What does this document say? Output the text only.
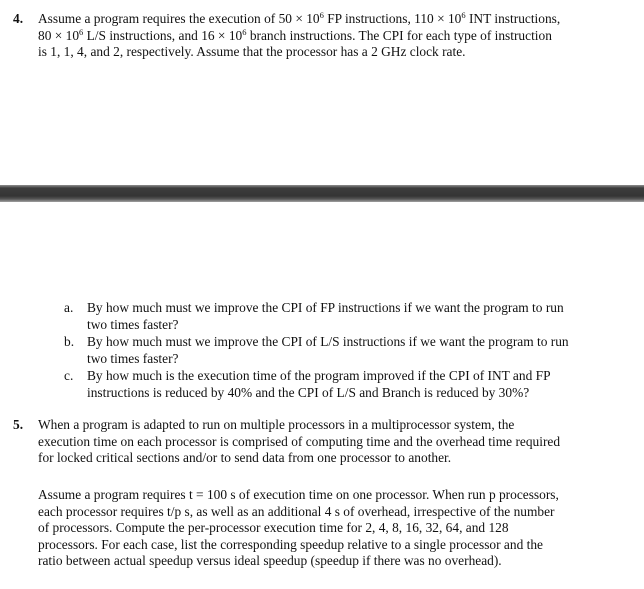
4. Assume a program requires the execution of $50 \times 10^6$ FP instructions, $110 \times 10^6$ INT instructions,
$80 \times 10^6$ L/S instructions, and $16 \times 10^6$ branch instructions. The CPI for each type of instruction
is 1, 1, 4, and 2, respectively. Assume that the processor has a 2 GHz clock rate.
a. By how much must we improve the CPI of FP instructions if we want the program to run
two times faster?
b. By how much must we improve the CPI of L/S instructions if we want the program to run
two times faster?
c. By how much is the execution time of the program improved if the CPI of INT and FP
instructions is reduced by 40% and the CPI of L/S and Branch is reduced by 30%?
5. When a program is adapted to run on multiple processors in a multiprocessor system, the
execution time on each processor is comprised of computing time and the overhead time required
for locked critical sections and/or to send data from one processor to another.
Assume a program requires t = 100 s of execution time on one processor. When run p processors,
each processor requires t/p s, as well as an additional 4 s of overhead, irrespective of the number
of processors. Compute the per-processor execution time for 2, 4, 8, 16, 32, 64, and 128
processors. For each case, list the corresponding speedup relative to a single processor and the
ratio between actual speedup versus ideal speedup (speedup if there was no overhead).
